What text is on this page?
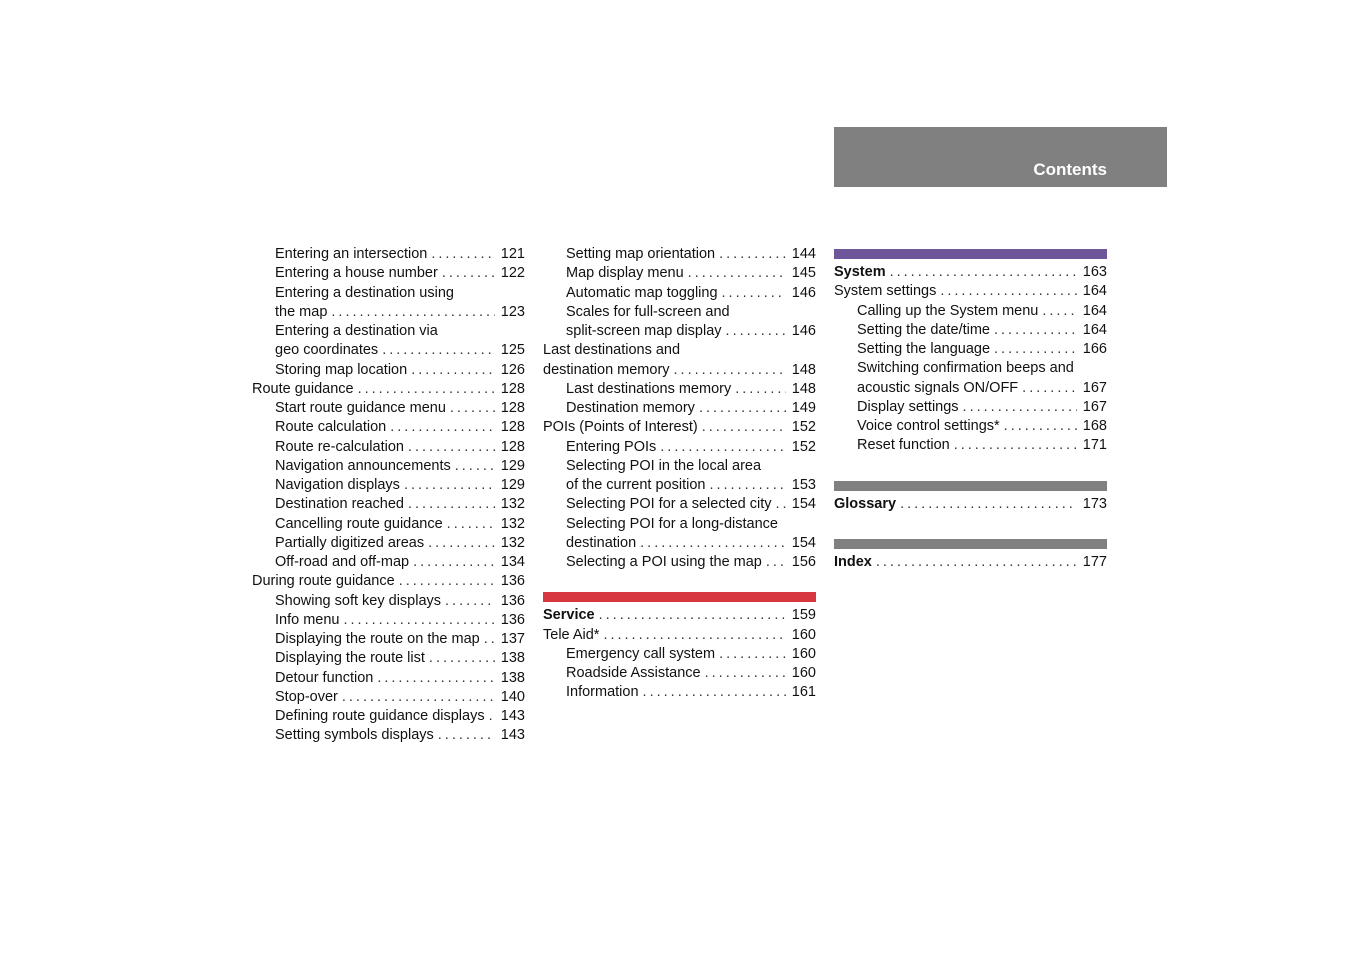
Contents
Entering an intersection .....	121
Entering a house number .....	122
Entering a destination using
the map .....	123
Entering a destination via
geo coordinates .....	125
Storing map location .....	126
Route guidance .....	128
Start route guidance menu .....	128
Route calculation .....	128
Route re-calculation .....	128
Navigation announcements .....	129
Navigation displays .....	129
Destination reached .....	132
Cancelling route guidance .....	132
Partially digitized areas .....	132
Off-road and off-map .....	134
During route guidance .....	136
Showing soft key displays .....	136
Info menu .....	136
Displaying the route on the map ..... 137
Displaying the route list .....	138
Detour function .....	138
Stop-over .....	140
Defining route guidance displays ..... 143
Setting symbols displays .....	143
Setting map orientation .....	144
Map display menu .....	145
Automatic map toggling .....	146
Scales for full-screen and
split-screen map display .....	146
Last destinations and
destination memory .....	148
Last destinations memory .....	148
Destination memory .....	149
POIs (Points of Interest) .....	152
Entering POIs .....	152
Selecting POI in the local area
of the current position .....	153
Selecting POI for a selected city ..... 154
Selecting POI for a long-distance
destination .....	154
Selecting a POI using the map ..... 156
Service .....	159
Tele Aid* .....	160
Emergency call system .....	160
Roadside Assistance .....	160
Information .....	161
System .....	163
System settings .....	164
Calling up the System menu .....	164
Setting the date/time .....	164
Setting the language .....	166
Switching confirmation beeps and
acoustic signals ON/OFF .....	167
Display settings .....	167
Voice control settings* .....	168
Reset function .....	171
Glossary .....	173
Index .....	177
